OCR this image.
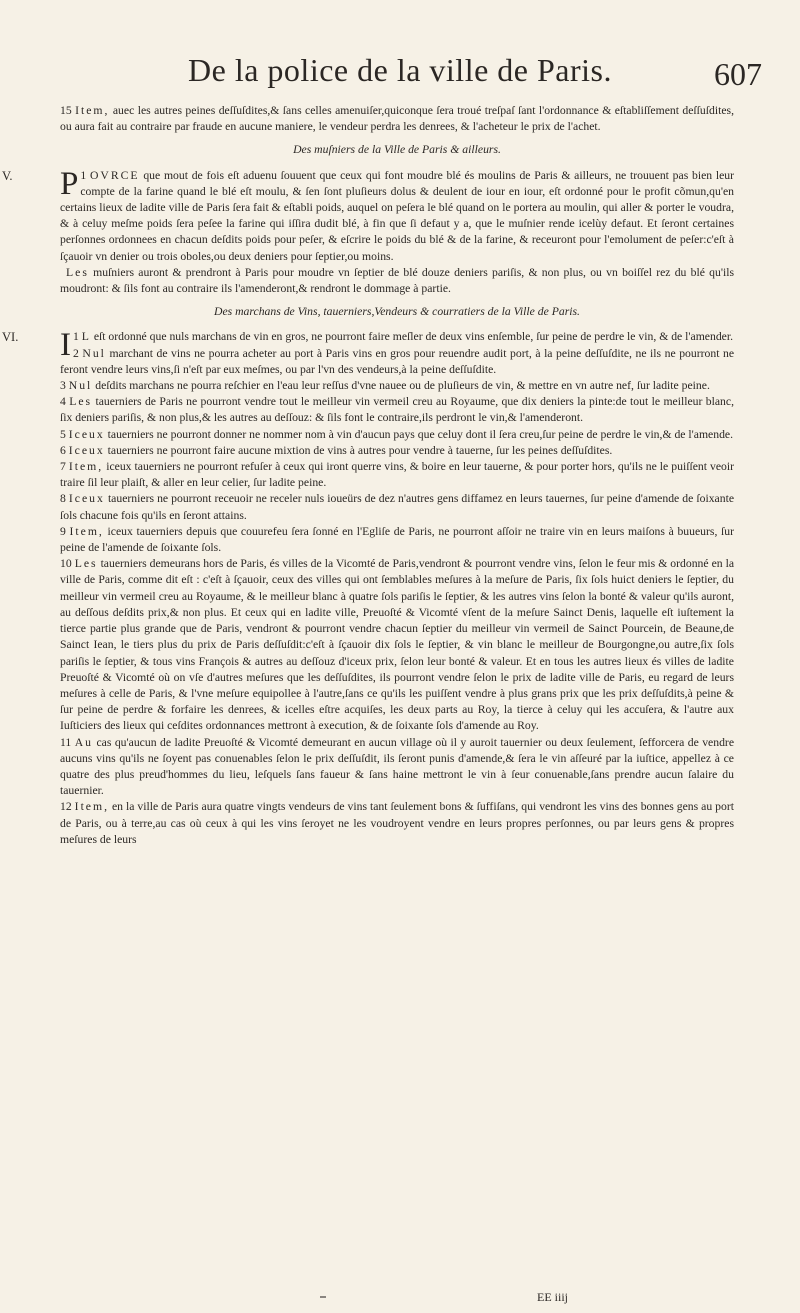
De la police de la ville de Paris.	607

15 Item, auec les autres peines deſſuſdites,& ſans celles amenuiſer,quiconque ſera troué treſpaſ ſant l'ordonnance & eſtabliſſement deſſuſdites, ou aura fait au contraire par fraude en aucune maniere, le vendeur perdra les denrees, & l'acheteur le prix de l'achet.

Des muſniers de la Ville de Paris & ailleurs.

V.	1
P OVRCE que mout de fois eſt aduenu ſouuent que ceux qui font moudre blé és moulins de Paris & ailleurs, ne trouuent pas bien leur compte de la farine quand le blé eſt moulu, & ſen ſont pluſieurs dolus & deulent de iour en iour, eſt ordonné pour le profit cõmun,qu'en certains lieux de ladite ville de Paris ſera fait & eſtabli poids, auquel on peſera le blé quand on le portera au moulin, qui aller & porter le voudra, & à celuy meſme poids ſera peſee la farine qui iſſira dudit blé, à fin que ſi defaut y a, que le muſnier rende icelùy defaut. Et ſeront certaines perſonnes ordonnees en chacun deſdits poids pour peſer, & eſcrire le poids du blé & de la farine, & receuront pour l'emolument de peſer:c'eſt à ſçauoir vn denier ou trois oboles,ou deux deniers pour ſeptier,ou moins.

Les muſniers auront & prendront à Paris pour moudre vn ſeptier de blé douze deniers pariſis, & non plus, ou vn boiſſel rez du blé qu'ils moudront: & ſils font au contraire ils l'amenderont,& rendront le dommage à partie.

Des marchans de Vins, tauerniers,Vendeurs & courratiers de la Ville de Paris.

VI.	1
I L eſt ordonné que nuls marchans de vin en gros, ne pourront faire meſler de deux vins enſemble, ſur peine de perdre le vin, & de l'amender.

2 Nul marchant de vins ne pourra acheter au port à Paris vins en gros pour reuendre audit port, à la peine deſſuſdite, ne ils ne pourront ne feront vendre leurs vins,ſi n'eſt par eux meſmes, ou par l'vn des vendeurs,à la peine deſſuſdite.

3 Nul deſdits marchans ne pourra reſchier en l'eau leur reſſus d'vne nauee ou de pluſieurs de vin, & mettre en vn autre nef, ſur ladite peine.

4 Les tauerniers de Paris ne pourront vendre tout le meilleur vin vermeil creu au Royaume, que dix deniers la pinte:de tout le meilleur blanc, ſix deniers pariſis, & non plus,& les autres au deſſouz: & ſils font le contraire,ils perdront le vin,& l'amenderont.

5 Iceux tauerniers ne pourront donner ne nommer nom à vin d'aucun pays que celuy dont il ſera creu,ſur peine de perdre le vin,& de l'amende.

6 Iceux tauerniers ne pourront faire aucune mixtion de vins à autres pour vendre à tauerne, ſur les peines deſſuſdites.

7 Item, iceux tauerniers ne pourront refuſer à ceux qui iront querre vins, & boire en leur tauerne, & pour porter hors, qu'ils ne le puiſſent veoir traire ſil leur plaiſt, & aller en leur celier, ſur ladite peine.

8 Iceux tauerniers ne pourront receuoir ne receler nuls ioueürs de dez n'autres gens diffamez en leurs tauernes, ſur peine d'amende de ſoixante ſols chacune fois qu'ils en ſeront attains.

9 Item, iceux tauerniers depuis que couurefeu ſera ſonné en l'Egliſe de Paris, ne pourront aſſoir ne traire vin en leurs maiſons à buueurs, ſur peine de l'amende de ſoixante ſols.

10 Les tauerniers demeurans hors de Paris, és villes de la Vicomté de Paris,vendront & pourront vendre vins, ſelon le feur mis & ordonné en la ville de Paris, comme dit eſt : c'eſt à ſçauoir, ceux des villes qui ont ſemblables meſures à la meſure de Paris, ſix ſols huict deniers le ſeptier, du meilleur vin vermeil creu au Royaume, & le meilleur blanc à quatre ſols pariſis le ſeptier, & les autres vins ſelon la bonté & valeur qu'ils auront, au deſſous deſdits prix,& non plus. Et ceux qui en ladite ville, Preuoſté & Vicomté vſent de la meſure Sainct Denis, laquelle eſt iuſtement la tierce partie plus grande que de Paris, vendront & pourront vendre chacun ſeptier du meilleur vin vermeil de Sainct Pourcein, de Beaune,de Sainct Iean, le tiers plus du prix de Paris deſſuſdit:c'eſt à ſçauoir dix ſols le ſeptier, & vin blanc le meilleur de Bourgongne,ou autre,ſix ſols pariſis le ſeptier, & tous vins François & autres au deſſouz d'iceux prix, ſelon leur bonté & valeur. Et en tous les autres lieux és villes de ladite Preuoſté & Vicomté où on vſe d'autres meſures que les deſſuſdites, ils pourront vendre ſelon le prix de ladite ville de Paris, eu regard de leurs meſures à celle de Paris, & l'vne meſure equipollee à l'autre,ſans ce qu'ils les puiſſent vendre à plus grans prix que les prix deſſuſdits,à peine & ſur peine de perdre & forfaire les denrees, & icelles eſtre acquiſes, les deux parts au Roy, la tierce à celuy qui les accuſera, & l'autre aux Iuſticiers des lieux qui ceſdites ordonnances mettront à execution, & de ſoixante ſols d'amende au Roy.

11 Au cas qu'aucun de ladite Preuoſté & Vicomté demeurant en aucun village où il y auroit tauernier ou deux ſeulement, ſefforcera de vendre aucuns vins qu'ils ne ſoyent pas conuenables ſelon le prix deſſuſdit, ils ſeront punis d'amende,& ſera le vin aſſeuré par la iuſtice, appellez à ce quatre des plus preud'hommes du lieu, leſquels ſans faueur & ſans haine mettront le vin à ſeur conuenable,ſans prendre aucun ſalaire du tauernier.

12 Item, en la ville de Paris aura quatre vingts vendeurs de vins tant ſeulement bons & ſuffiſans, qui vendront les vins des bonnes gens au port de Paris, ou à terre,au cas où ceux à qui les vins ſeroyet ne les voudroyent vendre en leurs propres perſonnes, ou par leurs gens & propres meſures de leurs

EE iiij
